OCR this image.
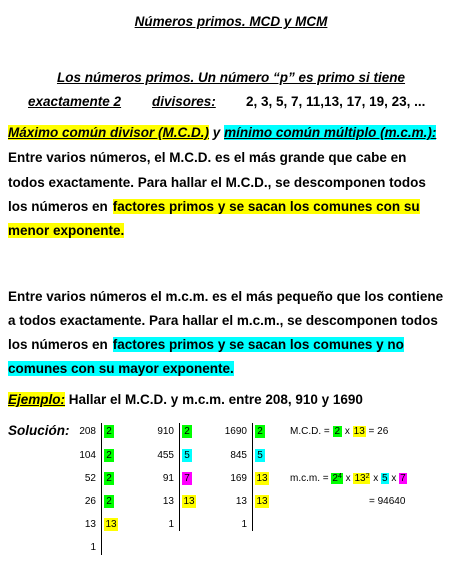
Números primos. MCD y MCM
Los números primos. Un número “p” es primo si tiene
exactamente 2 divisores: 2, 3, 5, 7, 11,13, 17, 19, 23, ...
Máximo común divisor (M.C.D.) y mínimo común múltiplo (m.c.m.):
Entre varios números, el M.C.D. es el más grande que cabe en
todos exactamente. Para hallar el M.C.D., se descomponen todos
los números en factores primos y se sacan los comunes con su
menor exponente.
Entre varios números el m.c.m. es el más pequeño que los contiene
a todos exactamente. Para hallar el m.c.m., se descomponen todos
los números en factores primos y se sacan los comunes y no
comunes con su mayor exponente.
Ejemplo: Hallar el M.C.D. y m.c.m. entre 208, 910 y 1690
Solución: 208
104
52
26
13
1
2
2
2
2
13
910
455
91
13
1
2
5
7
13
1690
845
169
13
1
2
5
13
13
M.C.D. = 2 x 13 = 26
m.c.m. = $2^4$ x $13^2$ x 5 x 7
= 94640
